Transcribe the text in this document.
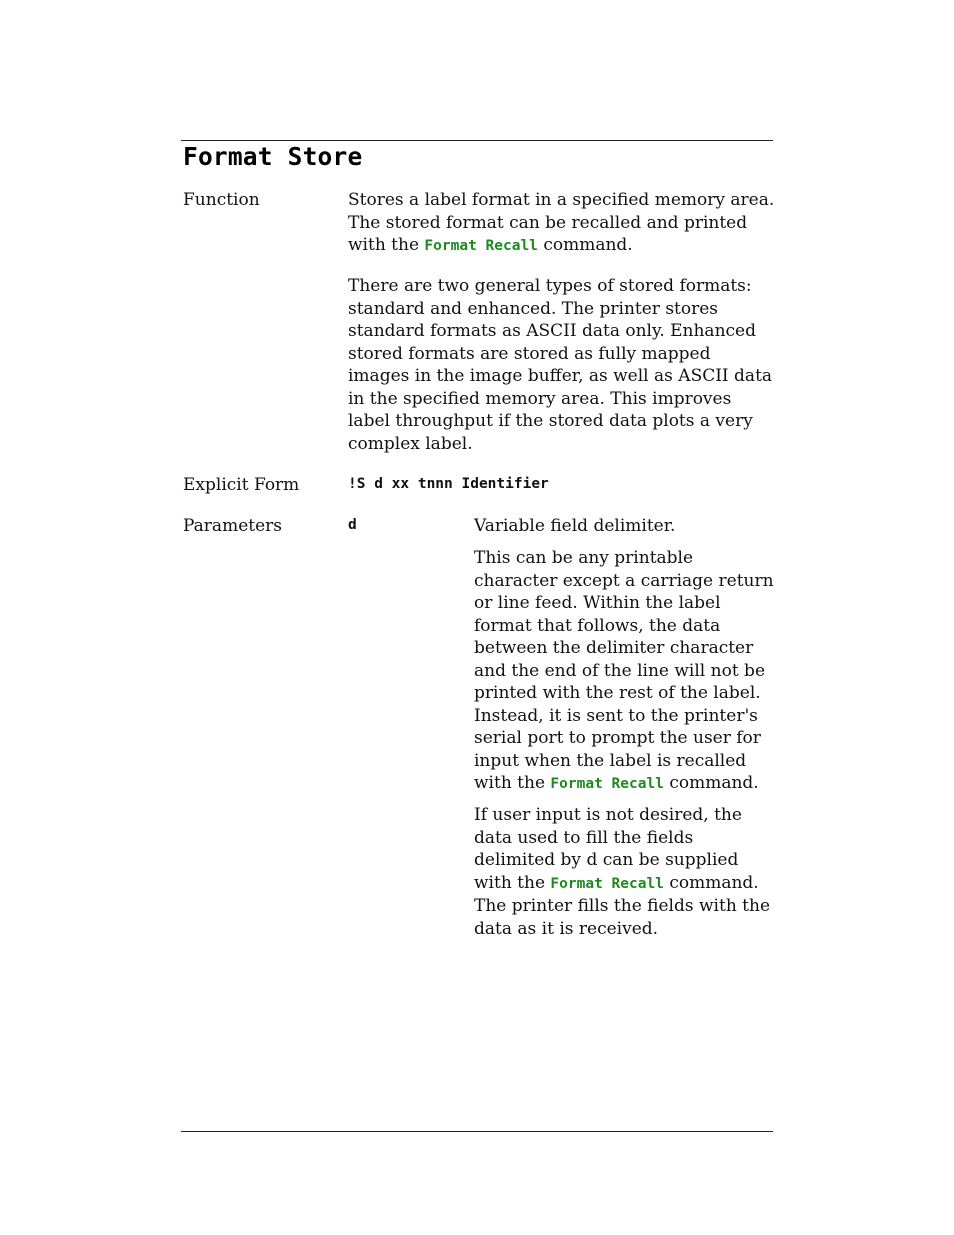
Format Store
Function	Stores a label format in a specified memory area. The stored format can be recalled and printed with the Format Recall command.

There are two general types of stored formats: standard and enhanced. The printer stores standard formats as ASCII data only. Enhanced stored formats are stored as fully mapped images in the image buffer, as well as ASCII data in the specified memory area. This improves label throughput if the stored data plots a very complex label.

Explicit Form	!S d xx tnnn Identifier
Parameters	d	Variable field delimiter.

This can be any printable character except a carriage return or line feed. Within the label format that follows, the data between the delimiter character and the end of the line will not be printed with the rest of the label. Instead, it is sent to the printer's serial port to prompt the user for input when the label is recalled with the Format Recall command.

If user input is not desired, the data used to fill the fields delimited by d can be supplied with the Format Recall command. The printer fills the fields with the data as it is received.
